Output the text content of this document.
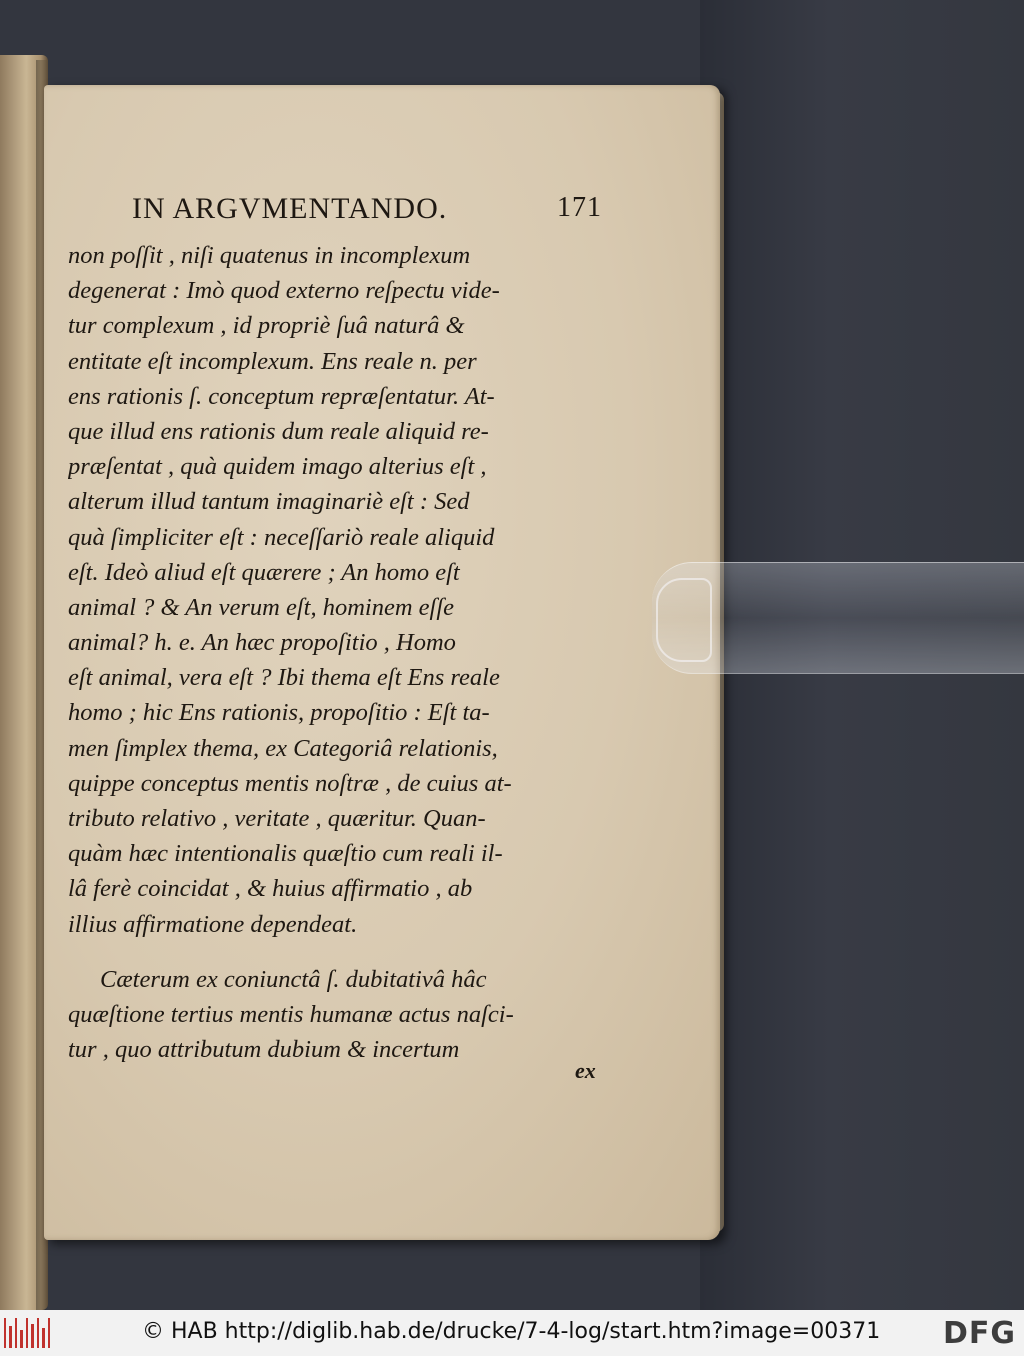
IN ARGVMENTANDO.	171
non poſſit , niſi quatenus in incomplexum
degenerat : Imò quod externo reſpectu vide-
tur complexum , id propriè ſuâ naturâ &
entitate eſt incomplexum. Ens reale n. per
ens rationis ſ. conceptum repræſentatur. At-
que illud ens rationis dum reale aliquid re-
præſentat , quà quidem imago alterius eſt ,
alterum illud tantum imaginariè eſt : Sed
quà ſimpliciter eſt : neceſſariò reale aliquid
eſt. Ideò aliud eſt quærere ; An homo eſt
animal ? & An verum eſt, hominem eſſe
animal? h. e. An hæc propoſitio , Homo
eſt animal, vera eſt ? Ibi thema eſt Ens reale
homo ; hic Ens rationis, propoſitio : Eſt ta-
men ſimplex thema, ex Categoriâ relationis,
quippe conceptus mentis noſtræ , de cuius at-
tributo relativo , veritate , quæritur. Quan-
quàm hæc intentionalis quæſtio cum reali il-
lâ ferè coincidat , & huius affirmatio , ab
illius affirmatione dependeat.
Cæterum ex coniunctâ ſ. dubitativâ hâc
quæſtione tertius mentis humanæ actus naſci-
tur , quo attributum dubium & incertum
ex
© HAB http://diglib.hab.de/drucke/7-4-log/start.htm?image=00371 DFG
